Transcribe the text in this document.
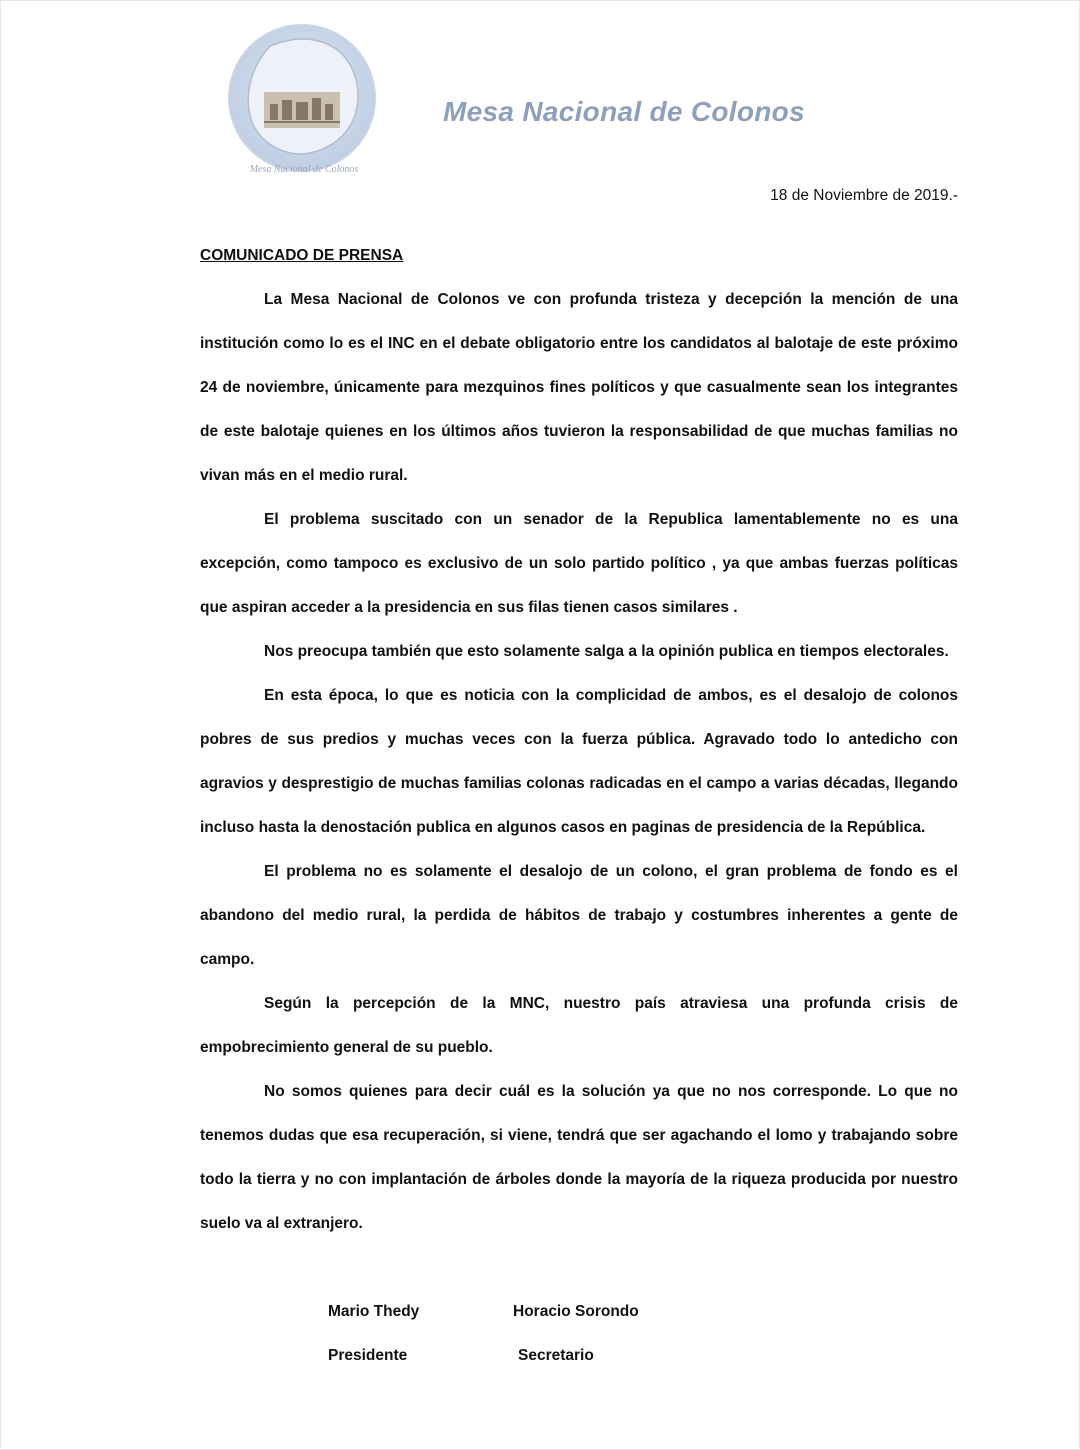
Mesa Nacional de Colonos
Mesa Nacional de Colonos
18 de Noviembre de 2019.-

COMUNICADO DE PRENSA

La Mesa Nacional de Colonos ve con profunda tristeza y decepción la mención de una institución como lo es el INC en el debate obligatorio entre los candidatos al balotaje de este próximo 24 de noviembre, únicamente para mezquinos fines políticos y que casualmente sean los integrantes de este balotaje quienes en los últimos años tuvieron la responsabilidad de que muchas familias no vivan más en el medio rural.

El problema suscitado con un senador de la Republica lamentablemente no es una excepción, como tampoco es exclusivo de un solo partido político , ya que ambas fuerzas políticas que aspiran acceder a la presidencia en sus filas tienen casos similares .

Nos preocupa también que esto solamente salga a la opinión publica en tiempos electorales.

En esta época, lo que es noticia con la complicidad de ambos, es el desalojo de colonos pobres de sus predios y muchas veces con la fuerza pública. Agravado todo lo antedicho con agravios y desprestigio de muchas familias colonas radicadas en el campo a varias décadas, llegando incluso hasta la denostación publica en algunos casos en paginas de presidencia de la República.

El problema no es solamente el desalojo de un colono, el gran problema de fondo es el abandono del medio rural, la perdida de hábitos de trabajo y costumbres inherentes a gente de campo.

Según la percepción de la MNC, nuestro país atraviesa una profunda crisis de empobrecimiento general de su pueblo.

No somos quienes para decir cuál es la solución ya que no nos corresponde. Lo que no tenemos dudas que esa recuperación, si viene, tendrá que ser agachando el lomo y trabajando sobre todo la tierra y no con implantación de árboles donde la mayoría de la riqueza producida por nuestro suelo va al extranjero.

Mario Thedy	Horacio Sorondo
Presidente	Secretario
